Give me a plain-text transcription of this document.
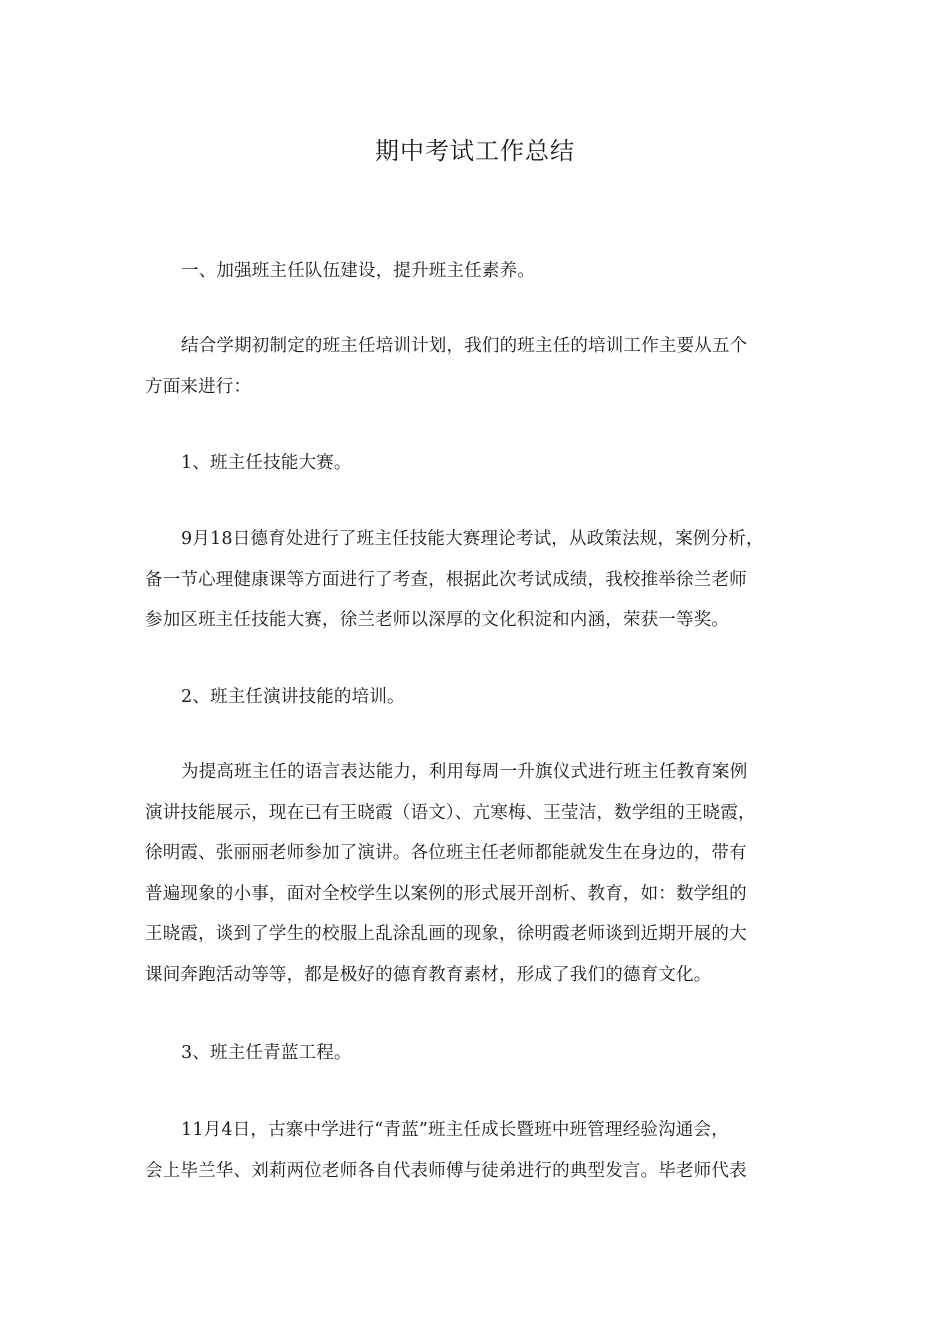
期中考试工作总结

一、加强班主任队伍建设，提升班主任素养。

结合学期初制定的班主任培训计划，我们的班主任的培训工作主要从五个
方面来进行：

1、班主任技能大赛。

9月18日德育处进行了班主任技能大赛理论考试，从政策法规，案例分析，
备一节心理健康课等方面进行了考查，根据此次考试成绩，我校推举徐兰老师
参加区班主任技能大赛，徐兰老师以深厚的文化积淀和内涵，荣获一等奖。

2、班主任演讲技能的培训。

为提高班主任的语言表达能力，利用每周一升旗仪式进行班主任教育案例
演讲技能展示，现在已有王晓霞（语文）、亢寒梅、王莹洁，数学组的王晓霞，
徐明霞、张丽丽老师参加了演讲。各位班主任老师都能就发生在身边的，带有
普遍现象的小事，面对全校学生以案例的形式展开剖析、教育，如：数学组的
王晓霞，谈到了学生的校服上乱涂乱画的现象，徐明霞老师谈到近期开展的大
课间奔跑活动等等，都是极好的德育教育素材，形成了我们的德育文化。

3、班主任青蓝工程。

11月4日，古寨中学进行“青蓝”班主任成长暨班中班管理经验沟通会，
会上毕兰华、刘莉两位老师各自代表师傅与徒弟进行的典型发言。毕老师代表
